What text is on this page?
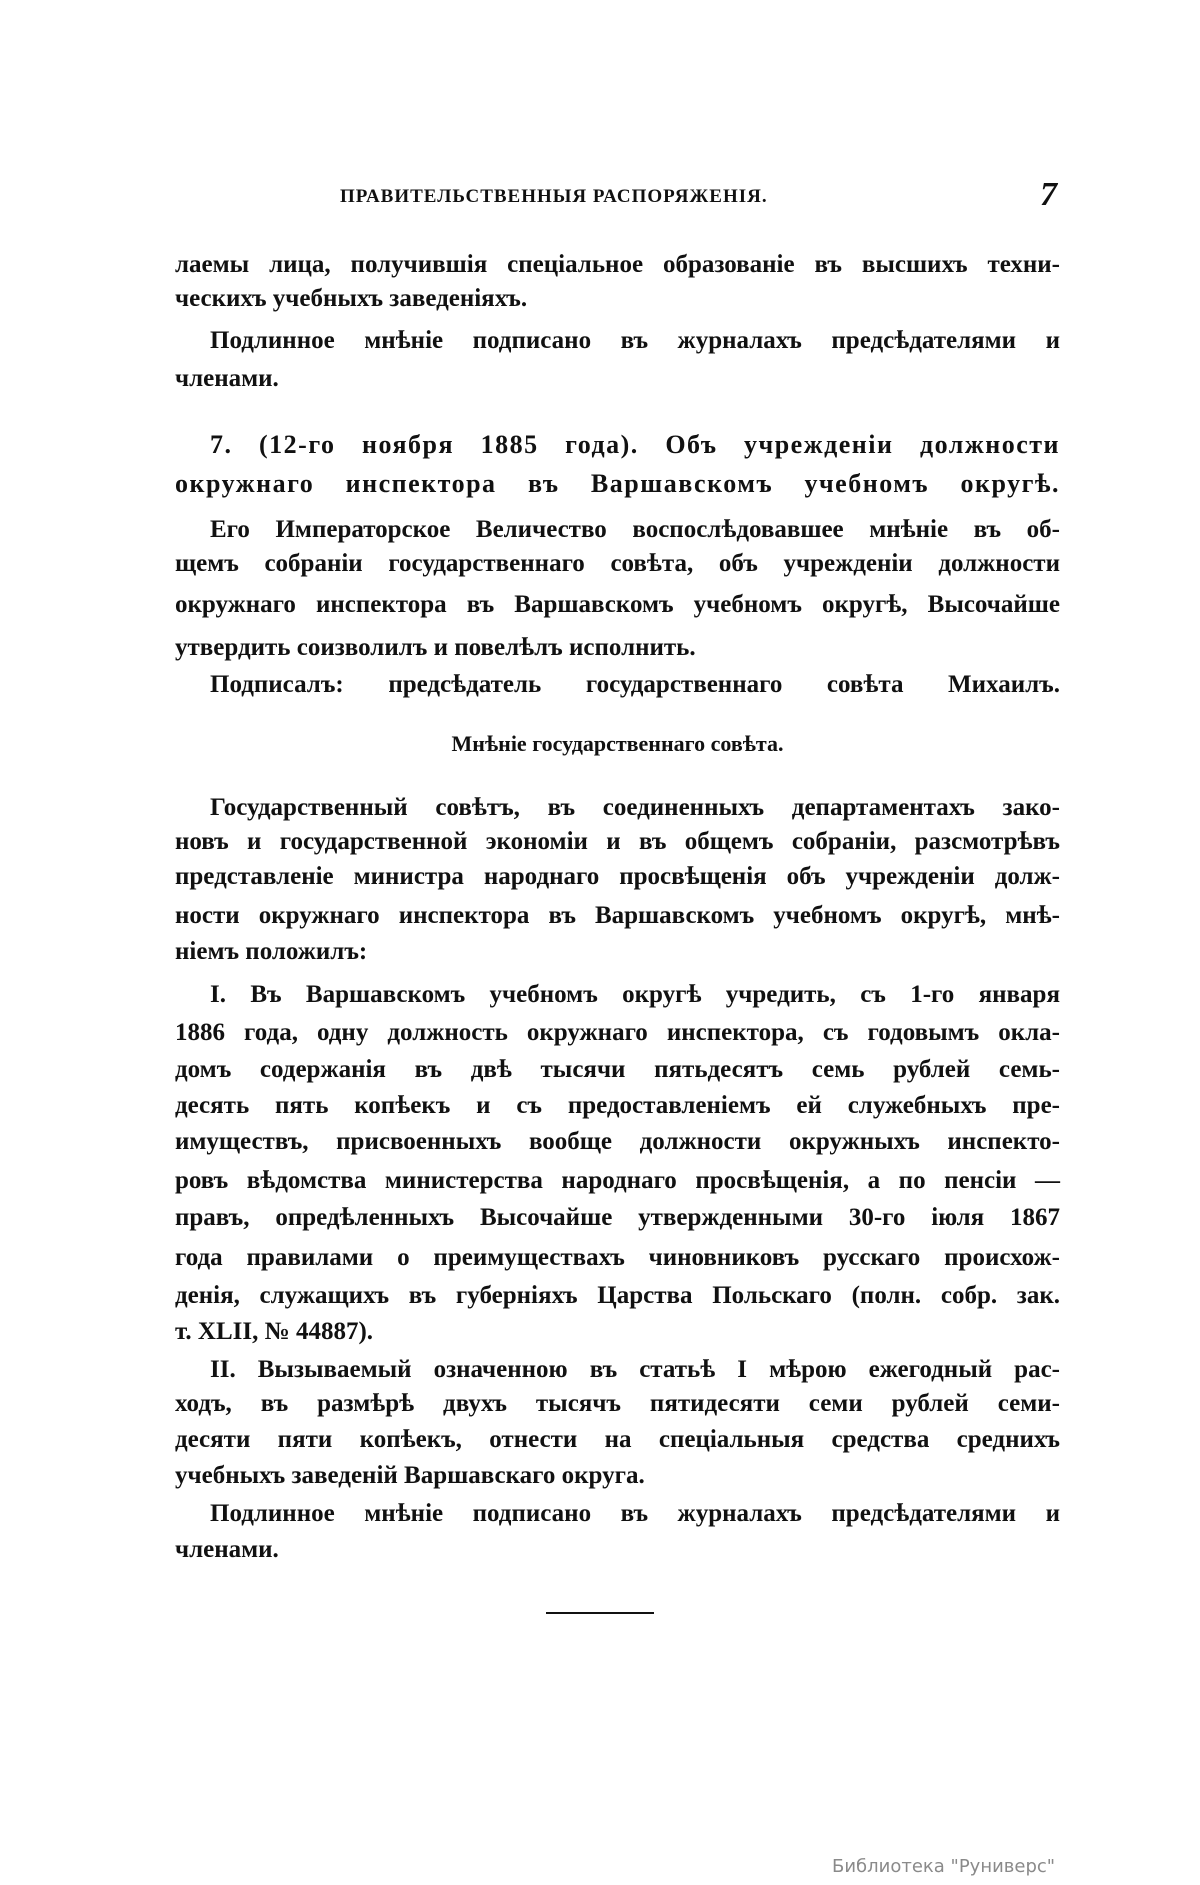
ПРАВИТЕЛЬСТВЕННЫЯ РАСПОРЯЖЕНІЯ.	7
лаемы лица, получившія спеціальное образованіе въ высшихъ техни-
ческихъ учебныхъ заведеніяхъ.
Подлинное мнѣніе подписано въ журналахъ предсѣдателями и
членами.
7. (12-го ноября 1885 года). Объ учрежденіи должности
окружнаго инспектора въ Варшавскомъ учебномъ округѣ.
Его Императорское Величество воспослѣдовавшее мнѣніе въ об-
щемъ собраніи государственнаго совѣта, объ учрежденіи должности
окружнаго инспектора въ Варшавскомъ учебномъ округѣ, Высочайше
утвердить соизволилъ и повелѣлъ исполнить.
Подписалъ: предсѣдатель государственнаго совѣта Михаилъ.
Мнѣніе государственнаго совѣта.
Государственный совѣтъ, въ соединенныхъ департаментахъ зако-
новъ и государственной экономіи и въ общемъ собраніи, разсмотрѣвъ
представленіе министра народнаго просвѣщенія объ учрежденіи долж-
ности окружнаго инспектора въ Варшавскомъ учебномъ округѣ, мнѣ-
ніемъ положилъ:
I. Въ Варшавскомъ учебномъ округѣ учредить, съ 1-го января
1886 года, одну должность окружнаго инспектора, съ годовымъ окла-
домъ содержанія въ двѣ тысячи пятьдесятъ семь рублей семь-
десять пять копѣекъ и съ предоставленіемъ ей служебныхъ пре-
имуществъ, присвоенныхъ вообще должности окружныхъ инспекто-
ровъ вѣдомства министерства народнаго просвѣщенія, а по пенсіи —
правъ, опредѣленныхъ Высочайше утвержденными 30-го іюля 1867
года правилами о преимуществахъ чиновниковъ русскаго происхож-
денія, служащихъ въ губерніяхъ Царства Польскаго (полн. собр. зак.
т. XLII, № 44887).
II. Вызываемый означенною въ статьѣ I мѣрою ежегодный рас-
ходъ, въ размѣрѣ двухъ тысячъ пятидесяти семи рублей семи-
десяти пяти копѣекъ, отнести на спеціальныя средства среднихъ
учебныхъ заведеній Варшавскаго округа.
Подлинное мнѣніе подписано въ журналахъ предсѣдателями и
членами.
Библиотека "Руниверс"
